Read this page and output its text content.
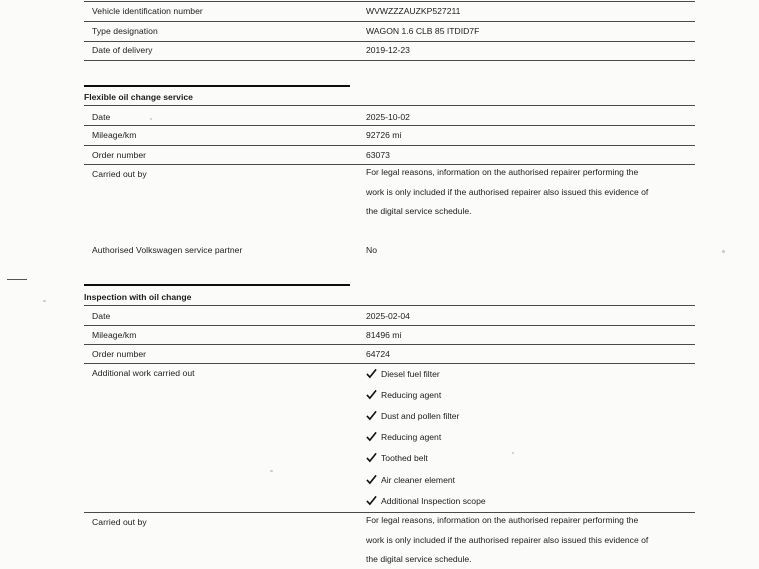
Vehicle identification number	WVWZZZAUZKP527211
Type designation	WAGON 1.6 CLB 85 ITDID7F
Date of delivery	2019-12-23
Flexible oil change service
Date	2025-10-02
Mileage/km	92726 mi
Order number	63073
Carried out by	For legal reasons, information on the authorised repairer performing the
work is only included if the authorised repairer also issued this evidence of
the digital service schedule.
Authorised Volkswagen service partner	No
Inspection with oil change
Date	2025-02-04
Mileage/km	81496 mi
Order number	64724
Additional work carried out	Diesel fuel filter
Reducing agent
Dust and pollen filter
Reducing agent
Toothed belt
Air cleaner element
Additional Inspection scope
Carried out by	For legal reasons, information on the authorised repairer performing the
work is only included if the authorised repairer also issued this evidence of
the digital service schedule.
